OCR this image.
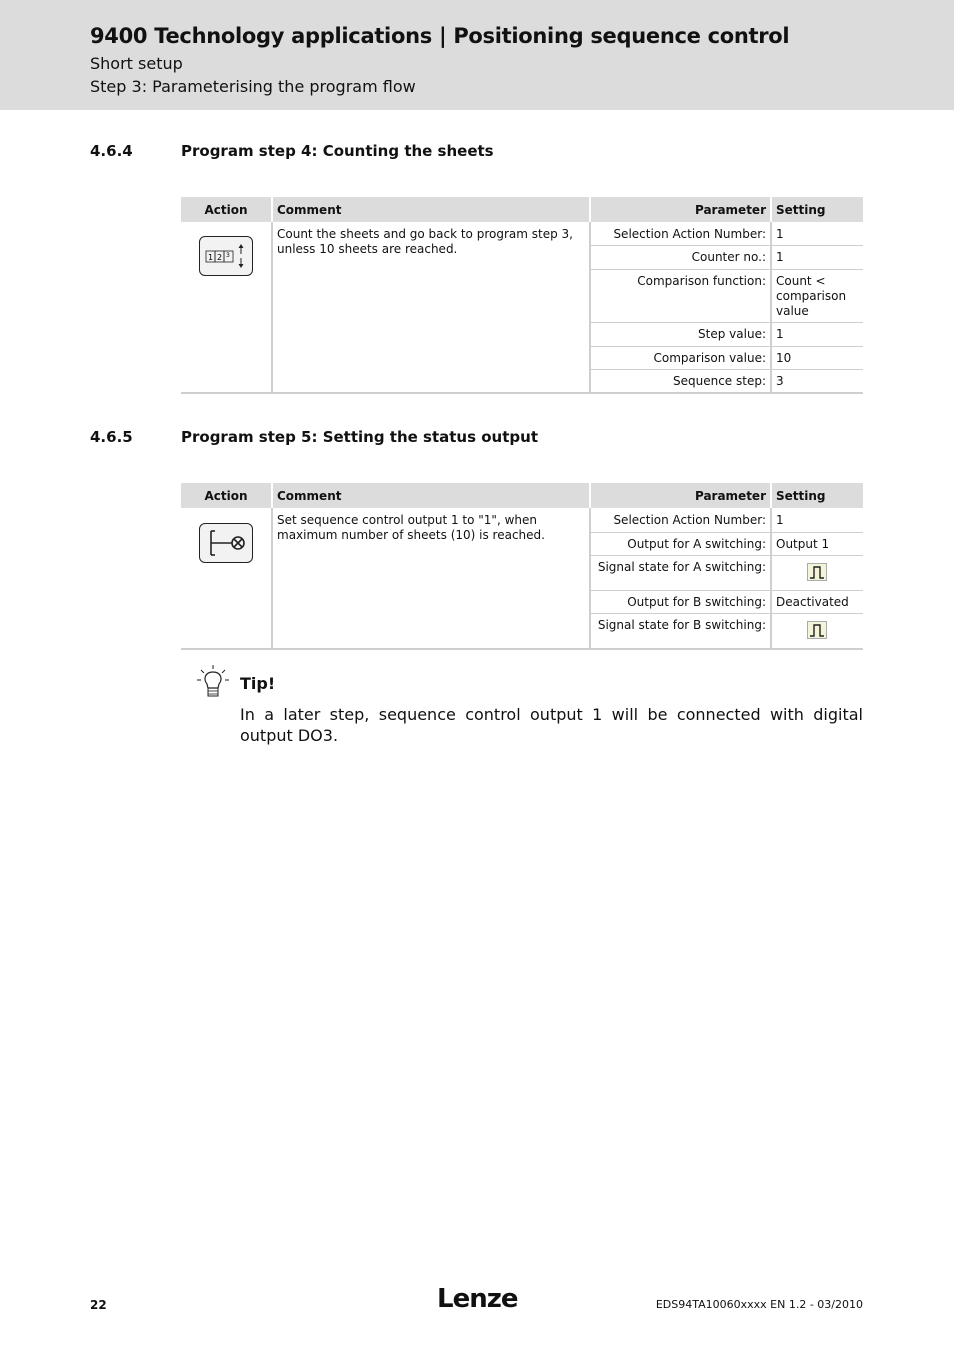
9400 Technology applications | Positioning sequence control
Short setup
Step 3: Parameterising the program flow
4.6.4	Program step 4: Counting the sheets
Action	Comment	Parameter Setting
1 2 3
Count the sheets and go back to program step 3, unless 10 sheets are reached.
Selection Action Number: 1
Counter no.: 1
Comparison function: Count < comparison value
Step value: 1
Comparison value: 10
Sequence step: 3
4.6.5	Program step 5: Setting the status output
Action	Comment	Parameter Setting
Set sequence control output 1 to "1", when maximum number of sheets (10) is reached.
Selection Action Number: 1
Output for A switching: Output 1
Signal state for A switching:
Output for B switching: Deactivated
Signal state for B switching:
Tip!
In a later step, sequence control output 1 will be connected with digital output DO3.
22	Lenze	EDS94TA10060xxxx EN 1.2 - 03/2010
